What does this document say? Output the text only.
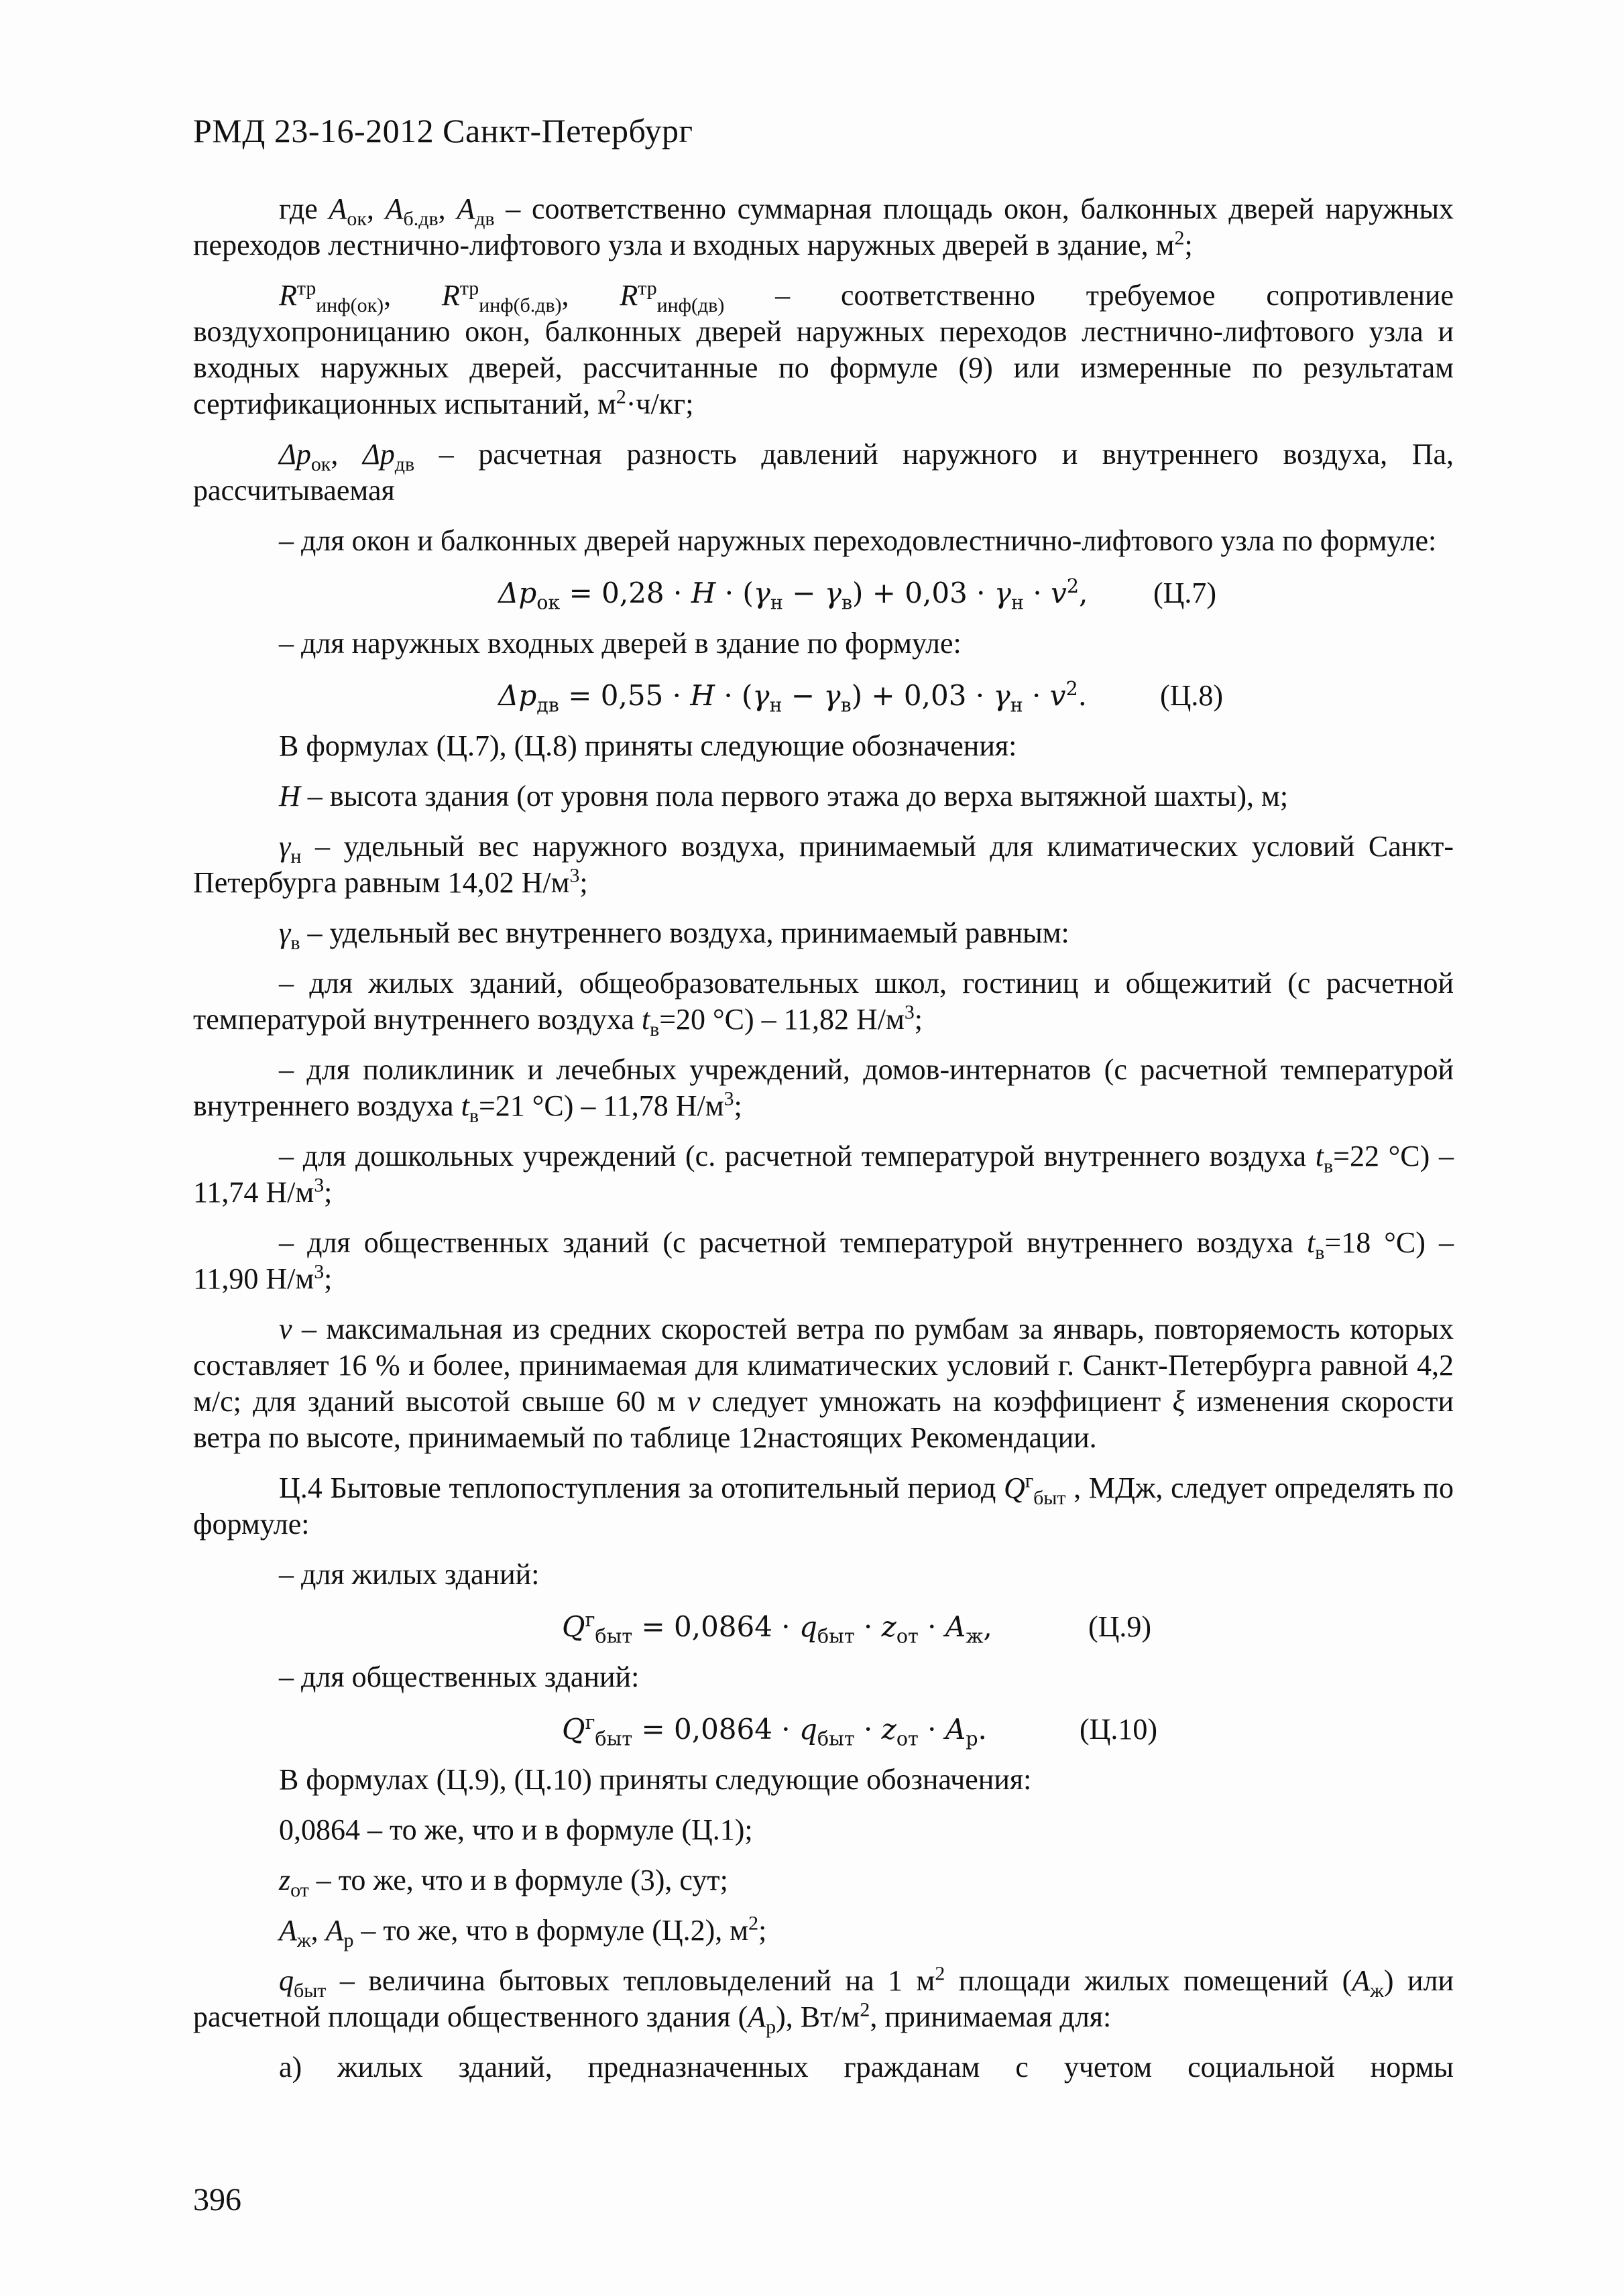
РМД 23-16-2012 Санкт-Петербург

где $A_{ок}$, $A_{б.дв}$, $A_{дв}$ – соответственно суммарная площадь окон, балконных дверей наружных переходов лестнично-лифтового узла и входных наружных дверей в здание, $м^2$;

$R^{тр}_{инф(ок)}$, $R^{тр}_{инф(б.дв)}$, $R^{тр}_{инф(дв)}$ – соответственно требуемое сопротивление воздухопроницанию окон, балконных дверей наружных переходов лестнично-лифтового узла и входных наружных дверей, рассчитанные по формуле (9) или измеренные по результатам сертификационных испытаний, $м^2\cdot ч/кг$;

$\Delta p_{ок}$, $\Delta p_{дв}$ – расчетная разность давлений наружного и внутреннего воздуха, Па, рассчитываемая

– для окон и балконных дверей наружных переходовлестнично-лифтового узла по формуле:

$\Delta p_{ок} = 0,28 \cdot H \cdot (\gamma_н - \gamma_в) + 0,03 \cdot \gamma_н \cdot v^2$, (Ц.7)

– для наружных входных дверей в здание по формуле:

$\Delta p_{дв} = 0,55 \cdot H \cdot (\gamma_н - \gamma_в) + 0,03 \cdot \gamma_н \cdot v^2$. (Ц.8)

В формулах (Ц.7), (Ц.8) приняты следующие обозначения:

H – высота здания (от уровня пола первого этажа до верха вытяжной шахты), м;

$\gamma_н$ – удельный вес наружного воздуха, принимаемый для климатических условий Санкт-Петербурга равным 14,02 $Н/м^3$;

$\gamma_в$ – удельный вес внутреннего воздуха, принимаемый равным:

– для жилых зданий, общеобразовательных школ, гостиниц и общежитий (с расчетной температурой внутреннего воздуха $t_в=20$ °С) – 11,82 $Н/м^3$;

– для поликлиник и лечебных учреждений, домов-интернатов (с расчетной температурой внутреннего воздуха $t_в=21$ °С) – 11,78 $Н/м^3$;

– для дошкольных учреждений (с. расчетной температурой внутреннего воздуха $t_в=22$ °С) – 11,74 $Н/м^3$;

– для общественных зданий (с расчетной температурой внутреннего воздуха $t_в=18$ °С) – 11,90 $Н/м^3$;

v – максимальная из средних скоростей ветра по румбам за январь, повторяемость которых составляет 16 % и более, принимаемая для климатических условий г. Санкт-Петербурга равной 4,2 м/с; для зданий высотой свыше 60 м v следует умножать на коэффициент ξ изменения скорости ветра по высоте, принимаемый по таблице 12настоящих Рекомендации.

Ц.4 Бытовые теплопоступления за отопительный период $Q^г_{быт}$ , МДж, следует определять по формуле:

– для жилых зданий:

$Q^г_{быт} = 0,0864 \cdot q_{быт} \cdot z_{от} \cdot A_ж$,	(Ц.9)

– для общественных зданий:

$Q^г_{быт} = 0,0864 \cdot q_{быт} \cdot z_{от} \cdot A_р$.	(Ц.10)

В формулах (Ц.9), (Ц.10) приняты следующие обозначения:

0,0864 – то же, что и в формуле (Ц.1);

$z_{от}$ – то же, что и в формуле (3), сут;

$A_ж$, $A_р$ – то же, что в формуле (Ц.2), $м^2$;

$q_{быт}$ – величина бытовых тепловыделений на 1 $м^2$ площади жилых помещений $(A_ж)$ или расчетной площади общественного здания $(A_р)$, $Вт/м^2$, принимаемая для:

а) жилых зданий, предназначенных гражданам с учетом социальной нормы

396
